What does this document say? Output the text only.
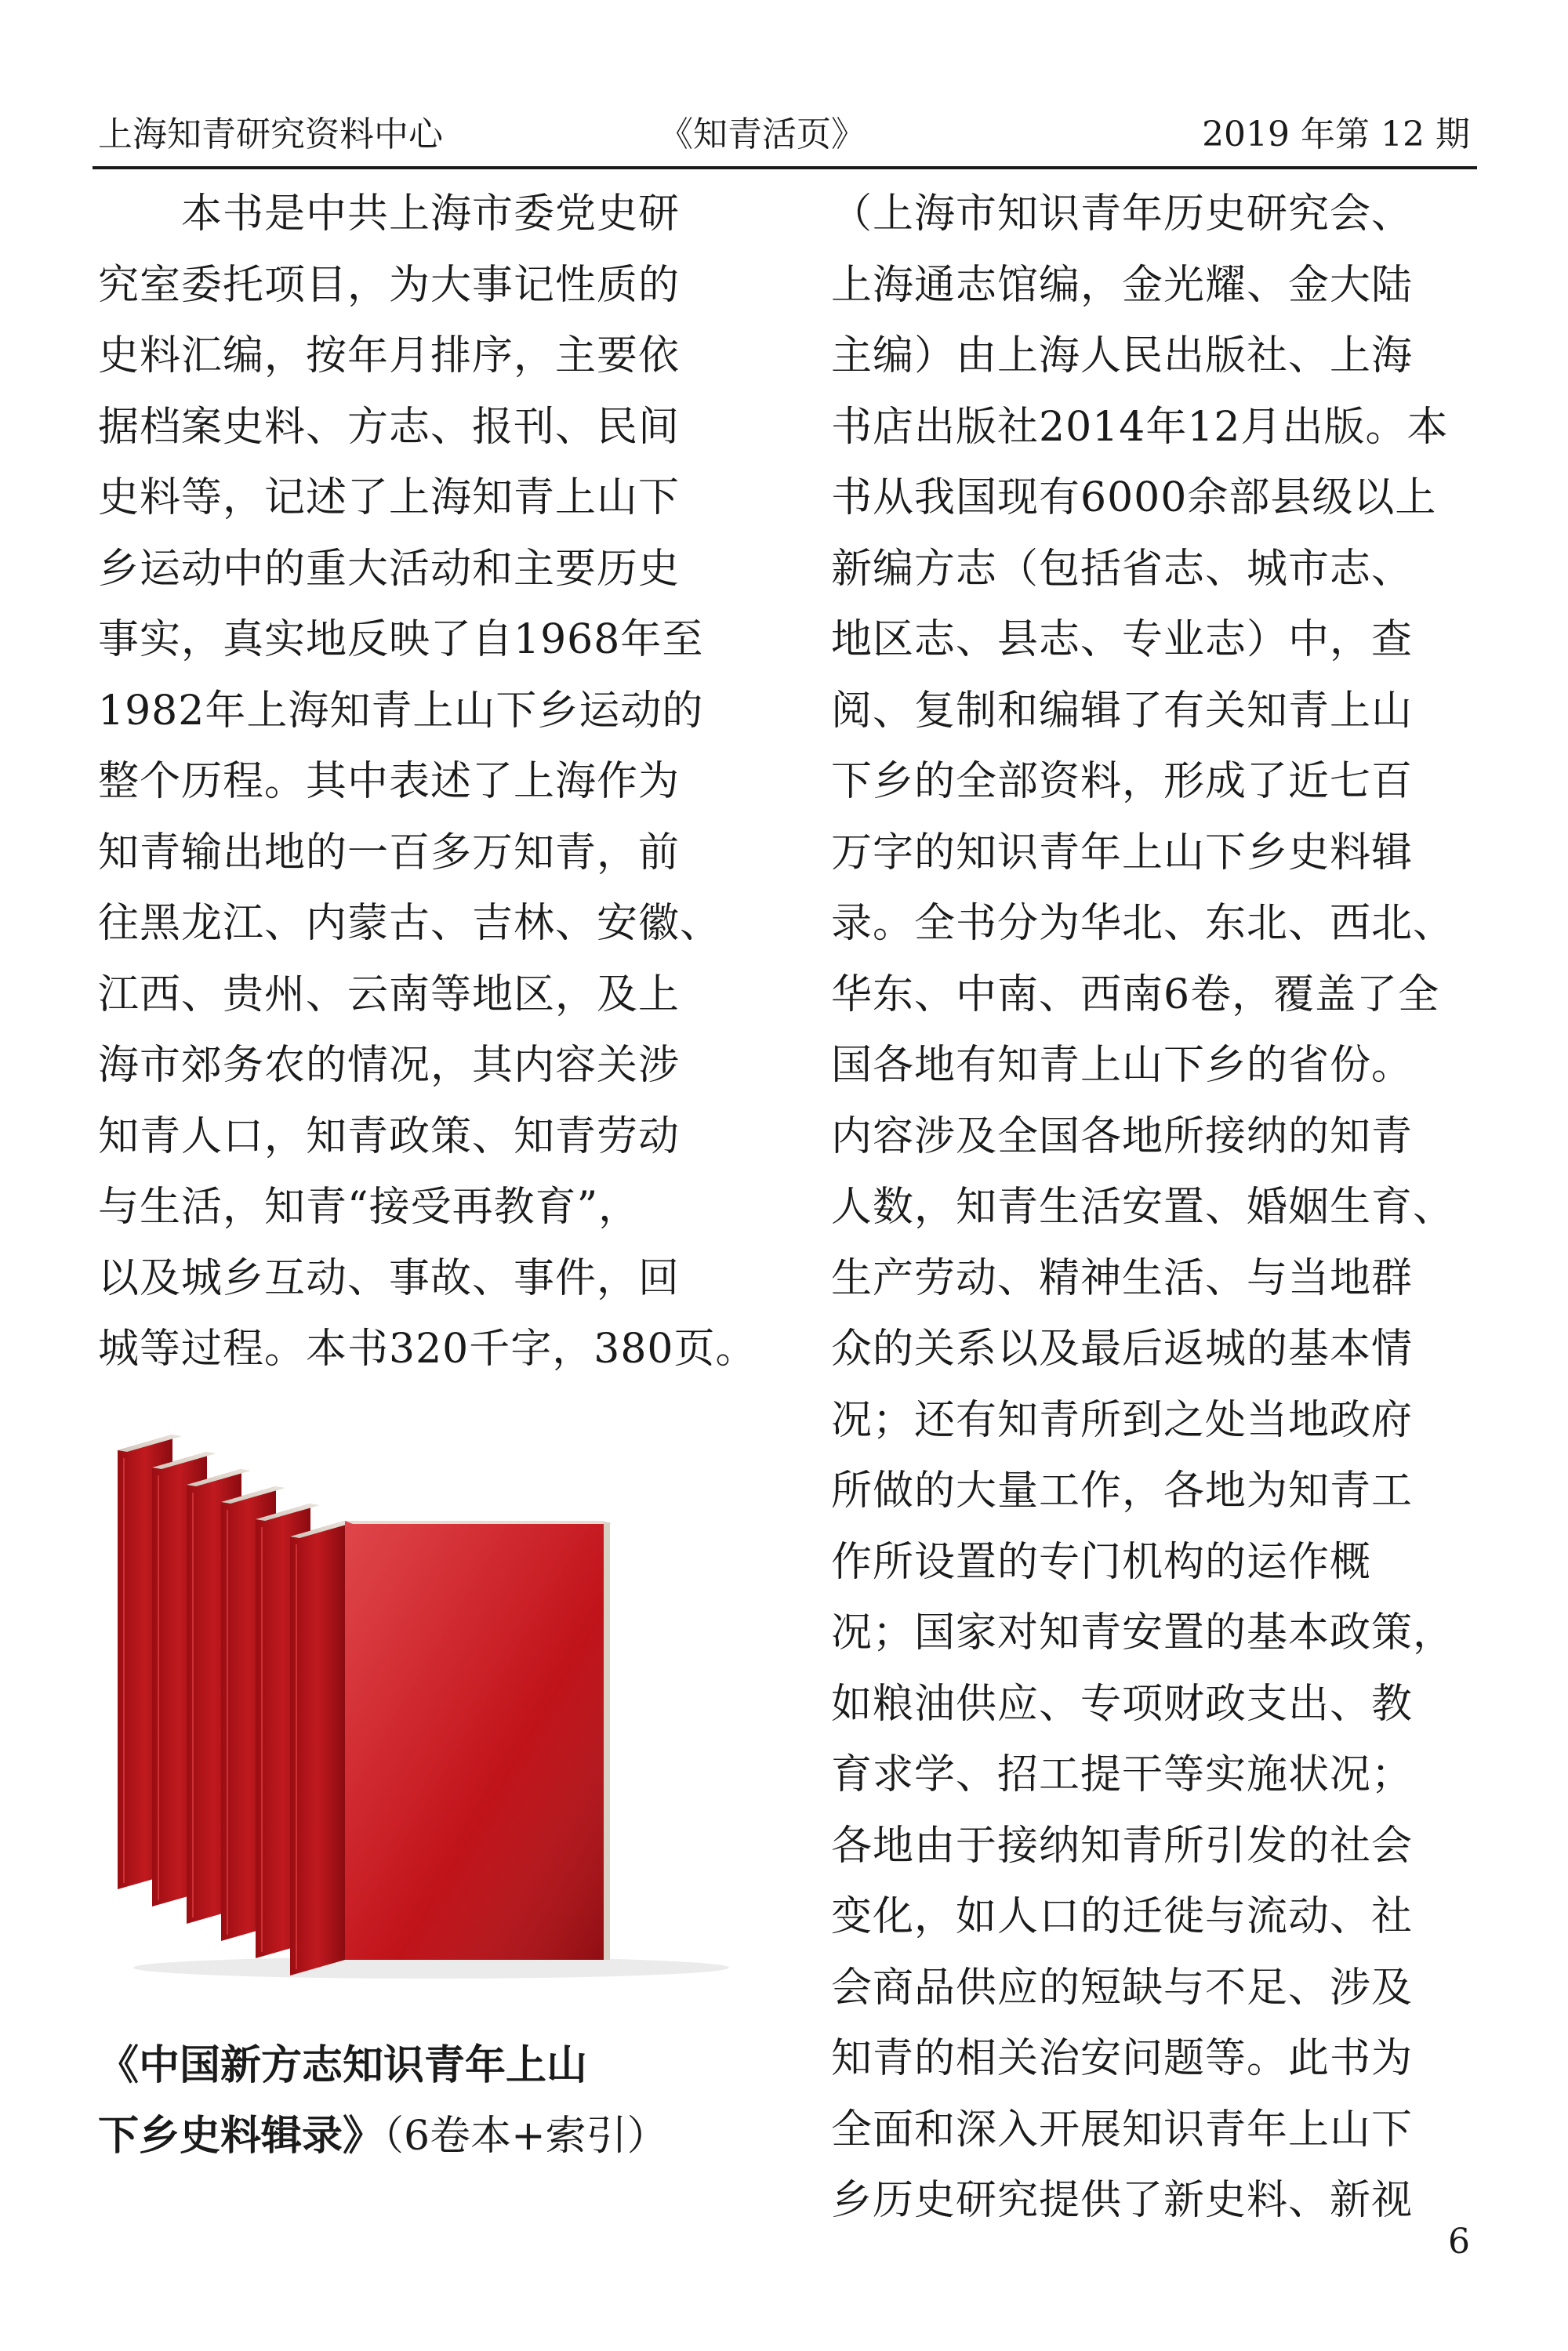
上海知青研究资料中心	《知青活页》	2019 年第 12 期
　　本书是中共上海市委党史研
究室委托项目，为大事记性质的
史料汇编，按年月排序，主要依
据档案史料、方志、报刊、民间
史料等，记述了上海知青上山下
乡运动中的重大活动和主要历史
事实，真实地反映了自1968年至
1982年上海知青上山下乡运动的
整个历程。其中表述了上海作为
知青输出地的一百多万知青，前
往黑龙江、内蒙古、吉林、安徽、
江西、贵州、云南等地区，及上
海市郊务农的情况，其内容关涉
知青人口，知青政策、知青劳动
与生活，知青“接受再教育”，
以及城乡互动、事故、事件，回
城等过程。本书320千字，380页。
《中国新方志知识青年上山
下乡史料辑录》（6卷本+索引）
（上海市知识青年历史研究会、
上海通志馆编，金光耀、金大陆
主编）由上海人民出版社、上海
书店出版社2014年12月出版。本
书从我国现有6000余部县级以上
新编方志（包括省志、城市志、
地区志、县志、专业志）中，查
阅、复制和编辑了有关知青上山
下乡的全部资料，形成了近七百
万字的知识青年上山下乡史料辑
录。全书分为华北、东北、西北、
华东、中南、西南6卷，覆盖了全
国各地有知青上山下乡的省份。
内容涉及全国各地所接纳的知青
人数，知青生活安置、婚姻生育、
生产劳动、精神生活、与当地群
众的关系以及最后返城的基本情
况；还有知青所到之处当地政府
所做的大量工作，各地为知青工
作所设置的专门机构的运作概
况；国家对知青安置的基本政策，
如粮油供应、专项财政支出、教
育求学、招工提干等实施状况；
各地由于接纳知青所引发的社会
变化，如人口的迁徙与流动、社
会商品供应的短缺与不足、涉及
知青的相关治安问题等。此书为
全面和深入开展知识青年上山下
乡历史研究提供了新史料、新视
6
